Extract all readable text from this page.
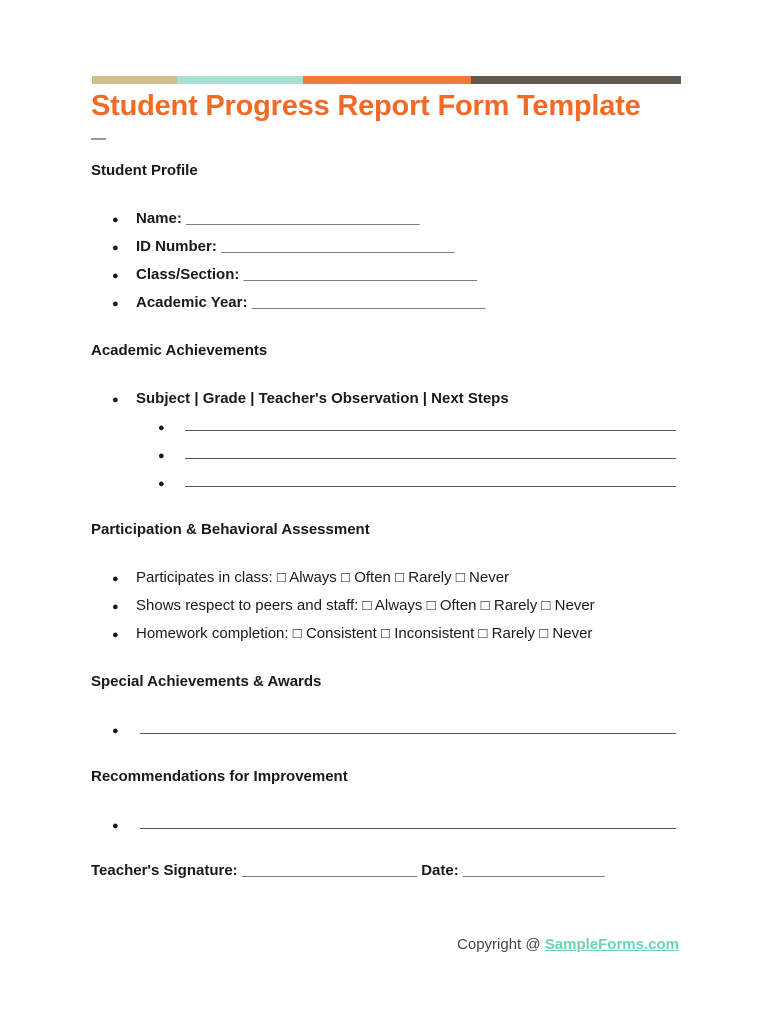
Student Progress Report Form Template
—
Student Profile
●	Name: ____________________________
●	ID Number: ____________________________
●	Class/Section: ____________________________
●	Academic Year: ____________________________
Academic Achievements
●	Subject | Grade | Teacher's Observation | Next Steps
●
●
●
Participation & Behavioral Assessment
●	Participates in class: □ Always □ Often □ Rarely □ Never
●	Shows respect to peers and staff: □ Always □ Often □ Rarely □ Never
●	Homework completion: □ Consistent □ Inconsistent □ Rarely □ Never
Special Achievements & Awards
●
Recommendations for Improvement
●
Teacher's Signature: _____________________ Date: _________________
Copyright @ SampleForms.com
